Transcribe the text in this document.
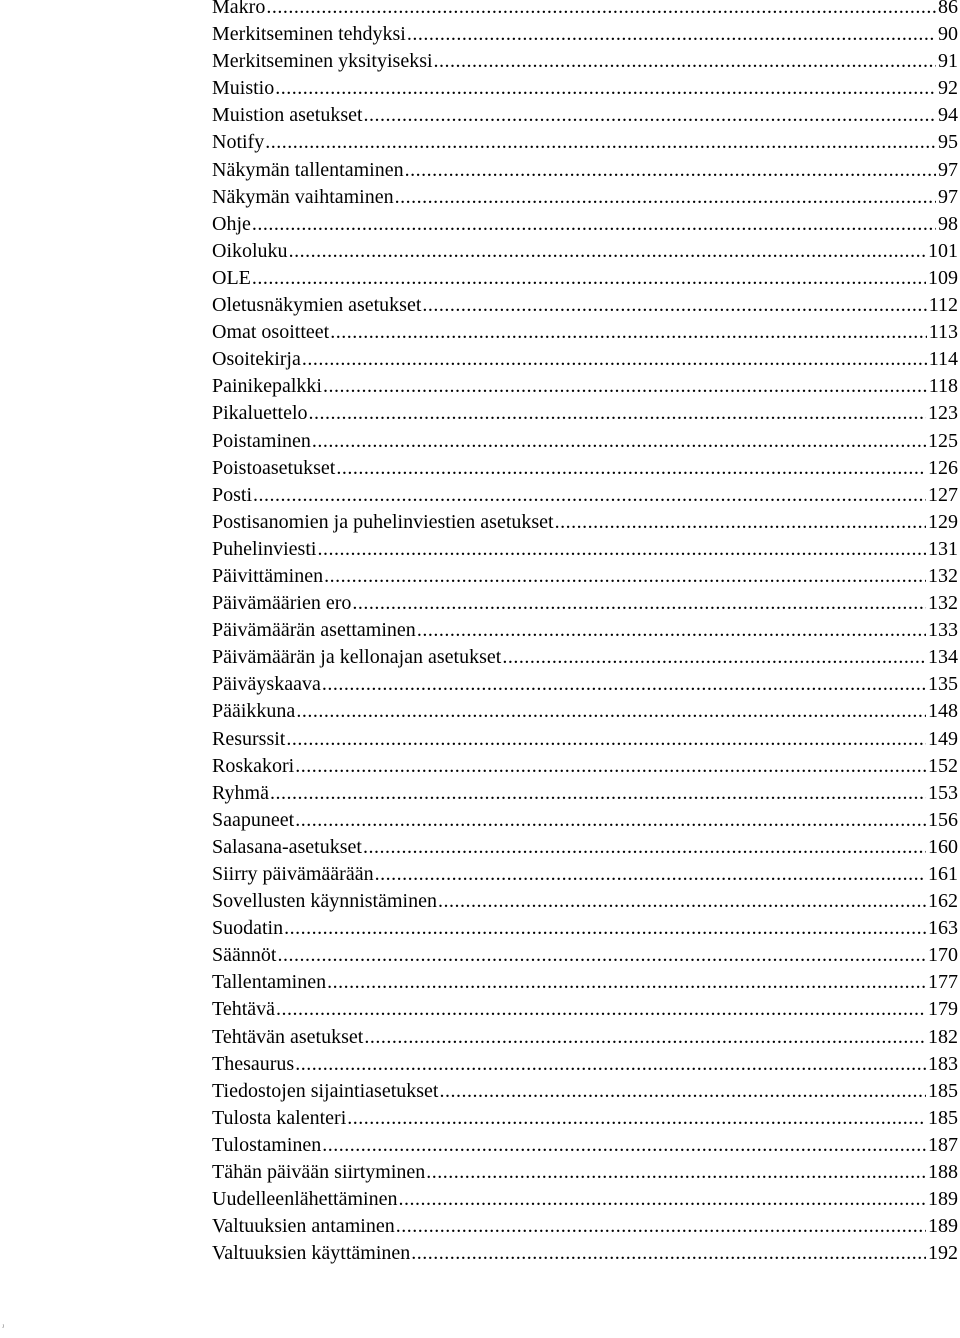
Makro .....	86
Merkitseminen tehdyksi .....	90
Merkitseminen yksityiseksi .....	91
Muistio .....	92
Muistion asetukset .....	94
Notify .....	95
Näkymän tallentaminen .....	97
Näkymän vaihtaminen .....	97
Ohje .....	98
Oikoluku .....	101
OLE .....	109
Oletusnäkymien asetukset .....	112
Omat osoitteet .....	113
Osoitekirja .....	114
Painikepalkki .....	118
Pikaluettelo .....	123
Poistaminen .....	125
Poistoasetukset .....	126
Posti .....	127
Postisanomien ja puhelinviestien asetukset .....	129
Puhelinviesti .....	131
Päivittäminen .....	132
Päivämäärien ero .....	132
Päivämäärän asettaminen .....	133
Päivämäärän ja kellonajan asetukset .....	134
Päiväyskaava .....	135
Pääikkuna .....	148
Resurssit .....	149
Roskakori .....	152
Ryhmä .....	153
Saapuneet .....	156
Salasana-asetukset .....	160
Siirry päivämäärään .....	161
Sovellusten käynnistäminen .....	162
Suodatin .....	163
Säännöt .....	170
Tallentaminen .....	177
Tehtävä .....	179
Tehtävän asetukset .....	182
Thesaurus .....	183
Tiedostojen sijaintiasetukset .....	185
Tulosta kalenteri .....	185
Tulostaminen .....	187
Tähän päivään siirtyminen .....	188
Uudelleenlähettäminen .....	189
Valtuuksien antaminen .....	189
Valtuuksien käyttäminen .....	192
ʴ
